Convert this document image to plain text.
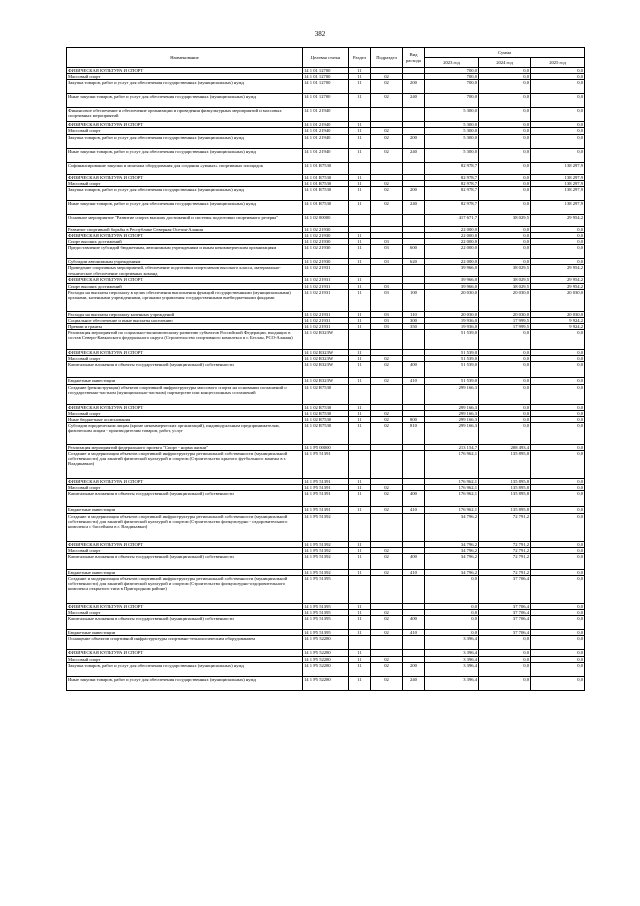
382
Наименование	Целевая статья	Раздел	Подраздел	Вид расхода	Сумма		
					2023 год	2024 год	2025 год
ФИЗИЧЕСКАЯ КУЛЬТУРА И СПОРТ	14 1 01 12700	11			700,0	0,0	0,0
Массовый спорт	14 1 01 12700	11	02		700,0	0,0	0,0
Закупка товаров, работ и услуг для обеспечения государственных (муниципальных) нужд	14 1 01 12700	11	02	200	700,0	0,0	0,0
Иные закупки товаров, работ и услуг для обеспечения государственных (муниципальных) нужд	14 1 01 12700	11	02	240	700,0	0,0	0,0
Финансовое обеспечение и обеспечение организации и проведения физкультурных мероприятий и массовых спортивных мероприятий	14 1 01 21940				5 300,0	0,0	0,0
ФИЗИЧЕСКАЯ КУЛЬТУРА И СПОРТ	14 1 01 21940	11			5 300,0	0,0	0,0
Массовый спорт	14 1 01 21940	11	02		5 300,0	0,0	0,0
Закупка товаров, работ и услуг для обеспечения государственных (муниципальных) нужд	14 1 01 21940	11	02	200	5 300,0	0,0	0,0
Иные закупки товаров, работ и услуг для обеспечения государственных (муниципальных) нужд	14 1 01 21940	11	02	240	5 300,0	0,0	0,0
Софинансирование закупки и монтажа оборудования для создания «умных» спортивных площадок	14 1 01 R7530				82 978,7	0,0	138 297,9
ФИЗИЧЕСКАЯ КУЛЬТУРА И СПОРТ	14 1 01 R7530	11			82 978,7	0,0	138 297,9
Массовый спорт	14 1 01 R7530	11	02		82 978,7	0,0	138 297,9
Закупка товаров, работ и услуг для обеспечения государственных (муниципальных) нужд	14 1 01 R7530	11	02	200	82 978,7	0,0	138 297,9
Иные закупки товаров, работ и услуг для обеспечения государственных (муниципальных) нужд	14 1 01 R7530	11	02	240	82 978,7	0,0	138 297,9
Основное мероприятие "Развитие спорта высших достижений и системы подготовки спортивного резерва"	14 1 02 00000				417 671,7	38 029,5	29 954,2
Развитие спортивной борьбы в Республике Северная Осетия-Алания	14 1 02 21930				22 000,0	0,0	0,0
ФИЗИЧЕСКАЯ КУЛЬТУРА И СПОРТ	14 1 02 21930	11			22 000,0	0,0	0,0
Спорт высших достижений	14 1 02 21930	11	03		22 000,0	0,0	0,0
Предоставление субсидий бюджетным, автономным учреждениям и иным некоммерческим организациям	14 1 02 21930	11	03	600	22 000,0	0,0	0,0
Субсидии автономным учреждениям	14 1 02 21930	11	03	620	22 000,0	0,0	0,0
Проведение спортивных мероприятий, обеспечение подготовки спортсменов высокого класса, материально-техническое обеспечение спортивных команд	14 1 02 21931				39 966,0	38 029,5	29 954,2
ФИЗИЧЕСКАЯ КУЛЬТУРА И СПОРТ	14 1 02 21931	11			39 966,0	38 029,5	29 954,2
Спорт высших достижений	14 1 02 21931	11	03		39 966,0	38 029,5	29 954,2
Расходы на выплаты персоналу в целях обеспечения выполнения функций государственными (муниципальными) органами, казенными учреждениями, органами управления государственными внебюджетными фондами	14 1 02 21931	11	03	100	20 030,0	20 030,0	20 030,0
Расходы на выплаты персоналу казенных учреждений	14 1 02 21931	11	03	110	20 030,0	20 030,0	20 030,0
Социальное обеспечение и иные выплаты населению	14 1 02 21931	11	03	300	19 936,0	17 999,5	9 924,2
Премии и гранты	14 1 02 21931	11	03	350	19 936,0	17 999,5	9 924,2
Реализация мероприятий по социально-экономическому развитию субъектов Российской Федерации, входящих в состав Северо-Кавказского федерального округа (Строительство спортивного комплекса в г. Беслан, РСО-Алания)	14 1 02 R323W				51 539,0	0,0	0,0
ФИЗИЧЕСКАЯ КУЛЬТУРА И СПОРТ	14 1 02 R323W	11			51 539,0	0,0	0,0
Массовый спорт	14 1 02 R323W	11	02		51 539,0	0,0	0,0
Капитальные вложения в объекты государственной (муниципальной) собственности	14 1 02 R323W	11	02	400	51 539,0	0,0	0,0
Бюджетные инвестиции	14 1 02 R323W	11	02	410	51 539,0	0,0	0,0
Создание (реконструкция) объектов спортивной инфраструктуры массового спорта на основании соглашений о государственно-частном (муниципально-частном) партнерстве или концессионных соглашений	14 1 02 R7530				299 166,3	0,0	0,0
ФИЗИЧЕСКАЯ КУЛЬТУРА И СПОРТ	14 1 02 R7530	11			299 166,3	0,0	0,0
Массовый спорт	14 1 02 R7530	11	02		299 166,3	0,0	0,0
Иные бюджетные ассигнования	14 1 02 R7530	11	02	800	299 166,3	0,0	0,0
Субсидии юридическим лицам (кроме некоммерческих организаций), индивидуальным предпринимателям, физическим лицам - производителям товаров, работ, услуг	14 1 02 R7530	11	02	810	299 166,3	0,0	0,0
Реализация мероприятий федерального проекта "Спорт - норма жизни"	14 1 P5 00000				213 154,7	208 493,4	0,0
Создание и модернизация объектов спортивной инфраструктуры региональной собственности (муниципальной собственности) для занятий физической культурой и спортом (Строительство крытого футбольного манежа в г. Владикавказ)	14 1 P5 51391				176 962,1	135 895,8	0,0
ФИЗИЧЕСКАЯ КУЛЬТУРА И СПОРТ	14 1 P5 51391	11			176 962,1	135 895,8	0,0
Массовый спорт	14 1 P5 51391	11	02		176 962,1	135 895,8	0,0
Капитальные вложения в объекты государственной (муниципальной) собственности	14 1 P5 51391	11	02	400	176 962,1	135 895,8	0,0
Бюджетные инвестиции	14 1 P5 51391	11	02	410	176 962,1	135 895,8	0,0
Создание и модернизация объектов спортивной инфраструктуры региональной собственности (муниципальной собственности) для занятий физической культурой и спортом (Строительство физкультурно - оздоровительного комплекса с бассейном в г. Владикавказ)	14 1 P5 51392				34 796,2	72 791,2	0,0
ФИЗИЧЕСКАЯ КУЛЬТУРА И СПОРТ	14 1 P5 51392	11			34 796,2	72 791,2	0,0
Массовый спорт	14 1 P5 51392	11	02		34 796,2	72 791,2	0,0
Капитальные вложения в объекты государственной (муниципальной) собственности	14 1 P5 51392	11	02	400	34 796,2	72 791,2	0,0
Бюджетные инвестиции	14 1 P5 51392	11	02	410	34 796,2	72 791,2	0,0
Создание и модернизация объектов спортивной инфраструктуры региональной собственности (муниципальной собственности) для занятий физической культурой и спортом (Строительство физкультурно-оздоровительного комплекса открытого типа в Пригородном районе)	14 1 P5 51395				0,0	37 706,4	0,0
ФИЗИЧЕСКАЯ КУЛЬТУРА И СПОРТ	14 1 P5 51395	11			0,0	37 706,4	0,0
Массовый спорт	14 1 P5 51395	11	02		0,0	37 706,4	0,0
Капитальные вложения в объекты государственной (муниципальной) собственности	14 1 P5 51395	11	02	400	0,0	37 706,4	0,0
Бюджетные инвестиции	14 1 P5 51395	11	02	410	0,0	37 706,4	0,0
Оснащение объектов спортивной инфраструктуры спортивно-технологическим оборудованием	14 1 P5 52280				3 396,4	0,0	0,0
ФИЗИЧЕСКАЯ КУЛЬТУРА И СПОРТ	14 1 P5 52280	11			3 396,4	0,0	0,0
Массовый спорт	14 1 P5 52280	11	02		3 396,4	0,0	0,0
Закупка товаров, работ и услуг для обеспечения государственных (муниципальных) нужд	14 1 P5 52280	11	02	200	3 396,4	0,0	0,0
Иные закупки товаров, работ и услуг для обеспечения государственных (муниципальных) нужд	14 1 P5 52280	11	02	240	3 396,4	0,0	0,0
